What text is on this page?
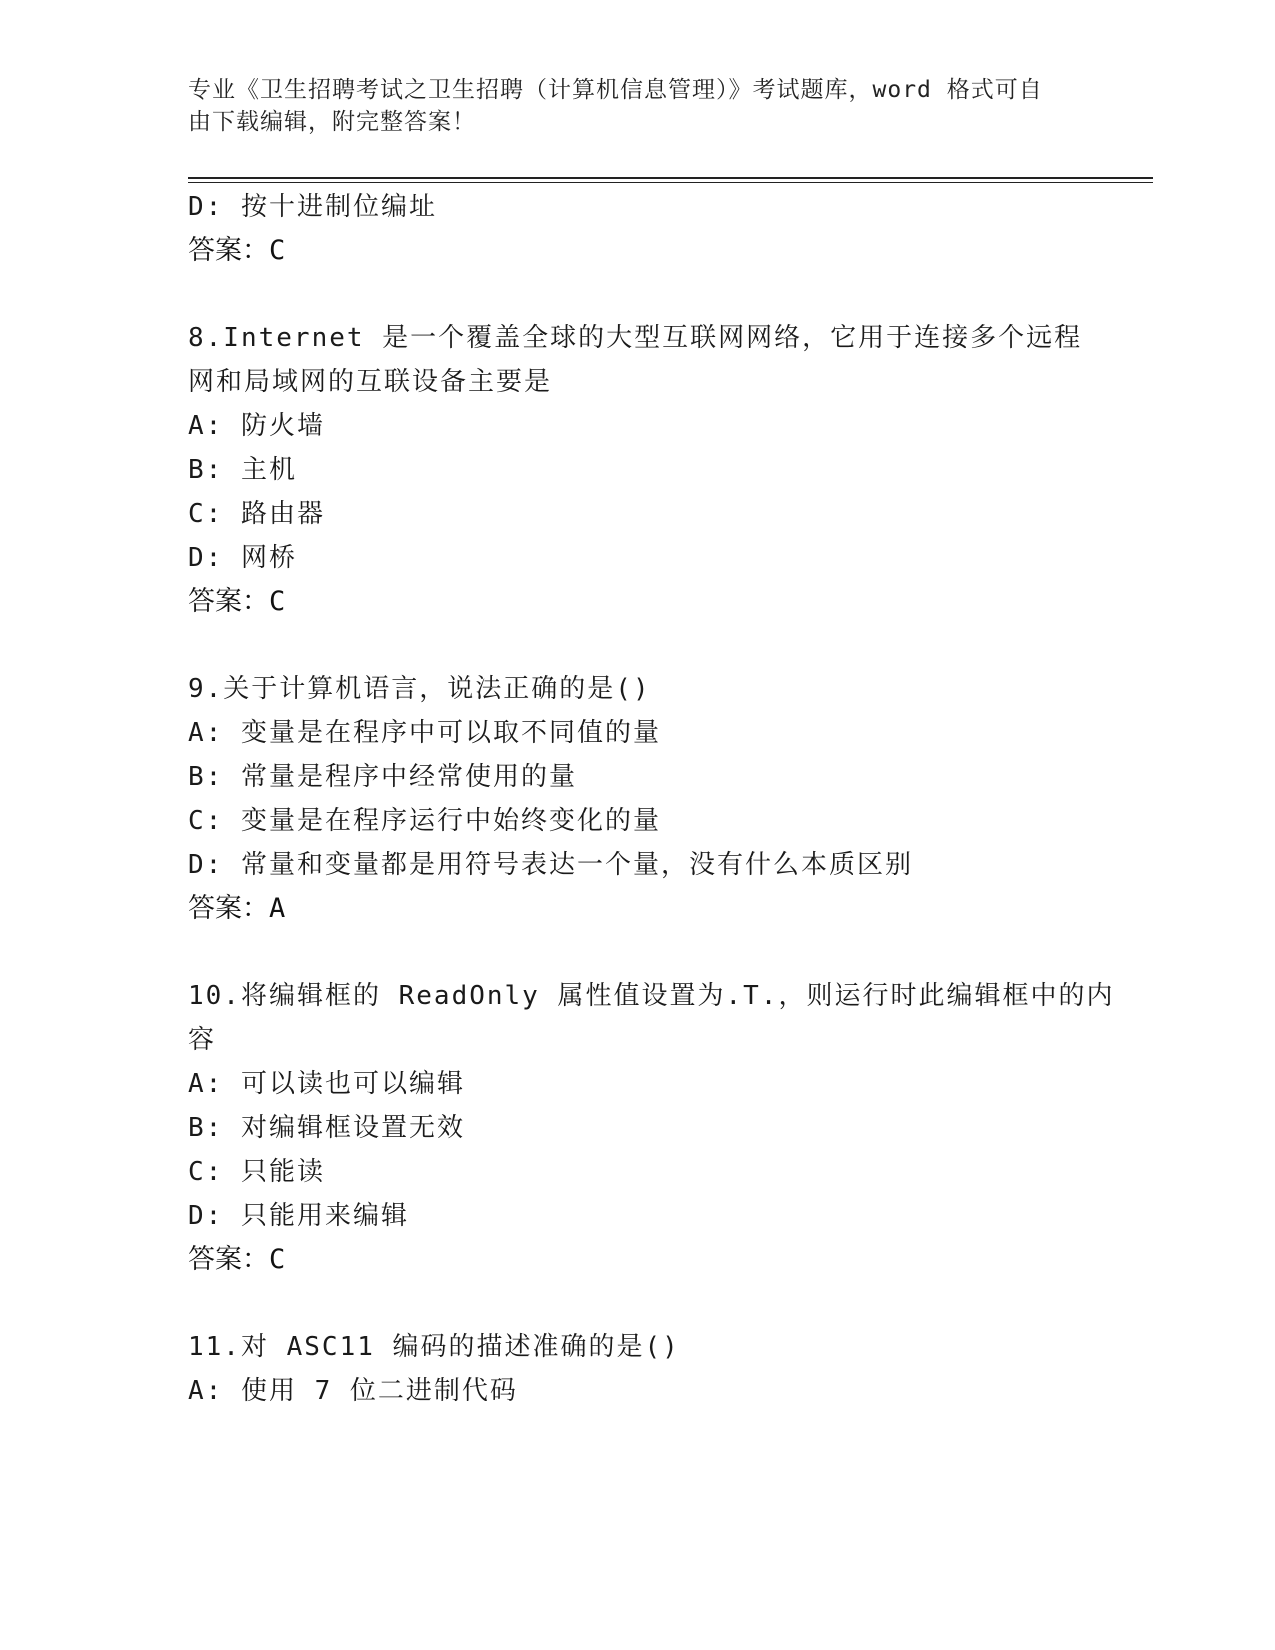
专业《卫生招聘考试之卫生招聘（计算机信息管理）》考试题库，word 格式可自
由下载编辑，附完整答案！
D: 按十进制位编址
答案：C
8.Internet 是一个覆盖全球的大型互联网网络，它用于连接多个远程
网和局域网的互联设备主要是
A: 防火墙
B: 主机
C: 路由器
D: 网桥
答案：C
9.关于计算机语言，说法正确的是()
A: 变量是在程序中可以取不同值的量
B: 常量是程序中经常使用的量
C: 变量是在程序运行中始终变化的量
D: 常量和变量都是用符号表达一个量，没有什么本质区别
答案：A
10.将编辑框的 ReadOnly 属性值设置为.T.，则运行时此编辑框中的内
容
A: 可以读也可以编辑
B: 对编辑框设置无效
C: 只能读
D: 只能用来编辑
答案：C
11.对 ASC11 编码的描述准确的是()
A: 使用 7 位二进制代码
